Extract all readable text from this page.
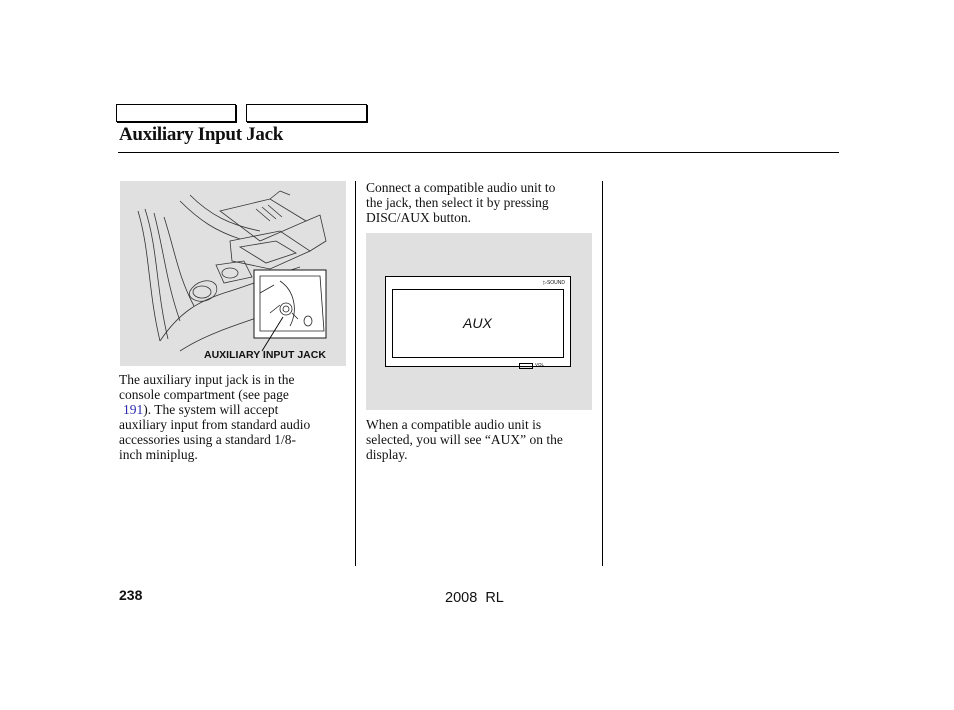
Auxiliary Input Jack
AUXILIARY INPUT JACK

The auxiliary input jack is in the
console compartment (see page
191). The system will accept
auxiliary input from standard audio
accessories using a standard 1/8-
inch miniplug.

Connect a compatible audio unit to
the jack, then select it by pressing
DISC/AUX button.

▷SOUND
AUX
VOL

When a compatible audio unit is
selected, you will see “AUX” on the
display.

238	2008  RL
